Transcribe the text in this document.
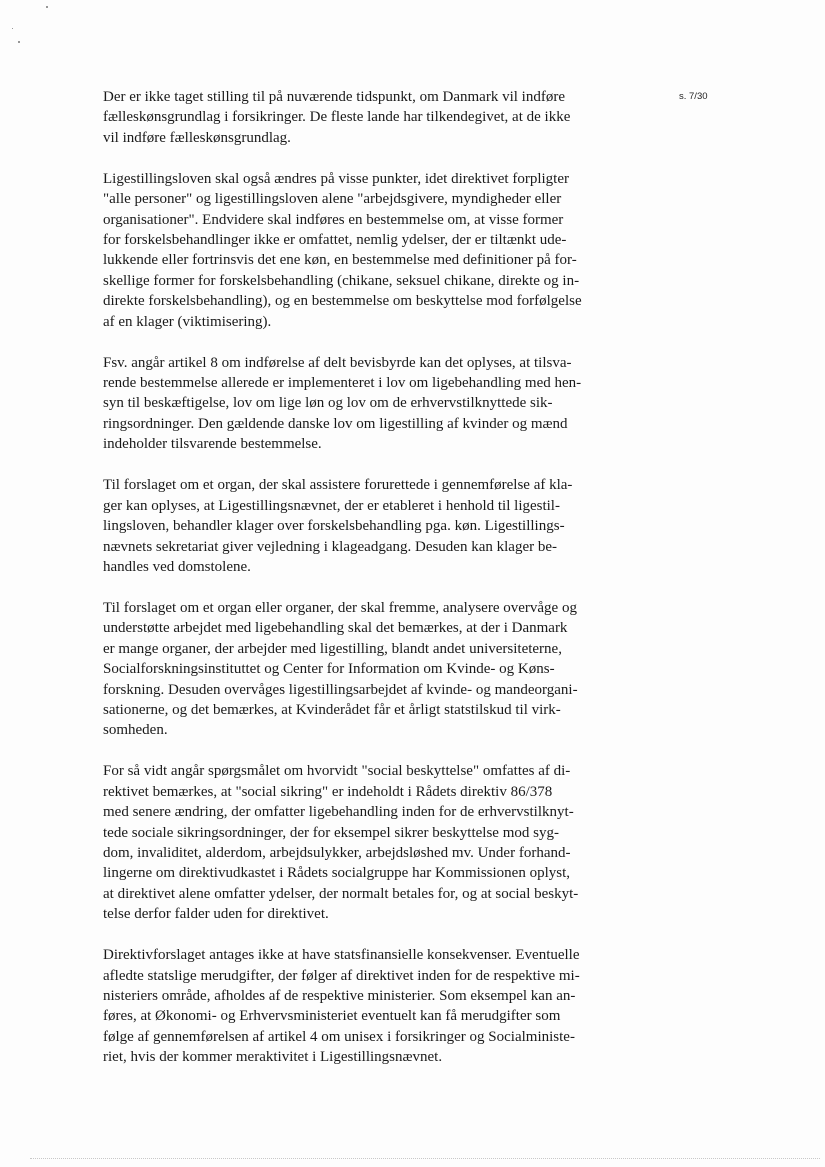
s. 7/30

Der er ikke taget stilling til på nuværende tidspunkt, om Danmark vil indføre
fælleskønsgrundlag i forsikringer. De fleste lande har tilkendegivet, at de ikke
vil indføre fælleskønsgrundlag.

Ligestillingsloven skal også ændres på visse punkter, idet direktivet forpligter
"alle personer" og ligestillingsloven alene "arbejdsgivere, myndigheder eller
organisationer". Endvidere skal indføres en bestemmelse om, at visse former
for forskelsbehandlinger ikke er omfattet, nemlig ydelser, der er tiltænkt ude-
lukkende eller fortrinsvis det ene køn, en bestemmelse med definitioner på for-
skellige former for forskelsbehandling (chikane, seksuel chikane, direkte og in-
direkte forskelsbehandling), og en bestemmelse om beskyttelse mod forfølgelse
af en klager (viktimisering).

Fsv. angår artikel 8 om indførelse af delt bevisbyrde kan det oplyses, at tilsva-
rende bestemmelse allerede er implementeret i lov om ligebehandling med hen-
syn til beskæftigelse, lov om lige løn og lov om de erhvervstilknyttede sik-
ringsordninger. Den gældende danske lov om ligestilling af kvinder og mænd
indeholder tilsvarende bestemmelse.

Til forslaget om et organ, der skal assistere forurettede i gennemførelse af kla-
ger kan oplyses, at Ligestillingsnævnet, der er etableret i henhold til ligestil-
lingsloven, behandler klager over forskelsbehandling pga. køn. Ligestillings-
nævnets sekretariat giver vejledning i klageadgang. Desuden kan klager be-
handles ved domstolene.

Til forslaget om et organ eller organer, der skal fremme, analysere overvåge og
understøtte arbejdet med ligebehandling skal det bemærkes, at der i Danmark
er mange organer, der arbejder med ligestilling, blandt andet universiteterne,
Socialforskningsinstituttet og Center for Information om Kvinde- og Køns-
forskning. Desuden overvåges ligestillingsarbejdet af kvinde- og mandeorgani-
sationerne, og det bemærkes, at Kvinderådet får et årligt statstilskud til virk-
somheden.

For så vidt angår spørgsmålet om hvorvidt "social beskyttelse" omfattes af di-
rektivet bemærkes, at "social sikring" er indeholdt i Rådets direktiv 86/378
med senere ændring, der omfatter ligebehandling inden for de erhvervstilknyt-
tede sociale sikringsordninger, der for eksempel sikrer beskyttelse mod syg-
dom, invaliditet, alderdom, arbejdsulykker, arbejdsløshed mv. Under forhand-
lingerne om direktivudkastet i Rådets socialgruppe har Kommissionen oplyst,
at direktivet alene omfatter ydelser, der normalt betales for, og at social beskyt-
telse derfor falder uden for direktivet.

Direktivforslaget antages ikke at have statsfinansielle konsekvenser. Eventuelle
afledte statslige merudgifter, der følger af direktivet inden for de respektive mi-
nisteriers område, afholdes af de respektive ministerier. Som eksempel kan an-
føres, at Økonomi- og Erhvervsministeriet eventuelt kan få merudgifter som
følge af gennemførelsen af artikel 4 om unisex i forsikringer og Socialministe-
riet, hvis der kommer meraktivitet i Ligestillingsnævnet.
